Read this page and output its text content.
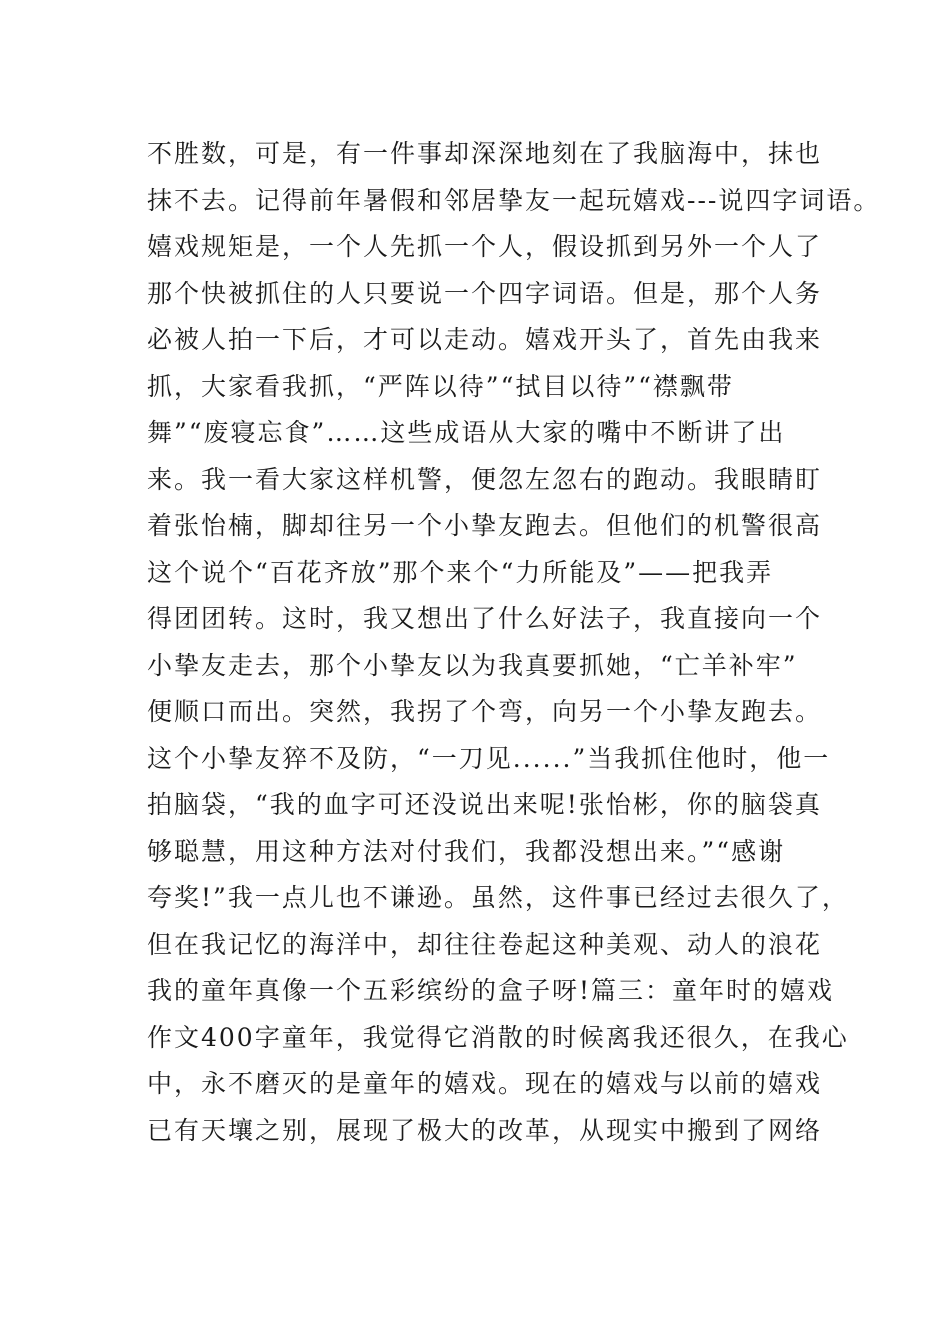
不胜数，可是，有一件事却深深地刻在了我脑海中，抹也
抹不去。记得前年暑假和邻居挚友一起玩嬉戏---说四字词语。
嬉戏规矩是，一个人先抓一个人，假设抓到另外一个人了
那个快被抓住的人只要说一个四字词语。但是，那个人务
必被人拍一下后，才可以走动。嬉戏开头了，首先由我来
抓，大家看我抓，“严阵以待”“拭目以待”“襟飘带
舞”“废寝忘食”……这些成语从大家的嘴中不断讲了出
来。我一看大家这样机警，便忽左忽右的跑动。我眼睛盯
着张怡楠，脚却往另一个小挚友跑去。但他们的机警很高
这个说个“百花齐放”那个来个“力所能及”——把我弄
得团团转。这时，我又想出了什么好法子，我直接向一个
小挚友走去，那个小挚友以为我真要抓她，“亡羊补牢”
便顺口而出。突然，我拐了个弯，向另一个小挚友跑去。
这个小挚友猝不及防，“一刀见......”当我抓住他时，他一
拍脑袋，“我的血字可还没说出来呢!张怡彬，你的脑袋真
够聪慧，用这种方法对付我们，我都没想出来。”“感谢
夸奖!”我一点儿也不谦逊。虽然，这件事已经过去很久了，
但在我记忆的海洋中，却往往卷起这种美观、动人的浪花
我的童年真像一个五彩缤纷的盒子呀!篇三：童年时的嬉戏
作文400字童年，我觉得它消散的时候离我还很久，在我心
中，永不磨灭的是童年的嬉戏。现在的嬉戏与以前的嬉戏
已有天壤之别，展现了极大的改革，从现实中搬到了网络
